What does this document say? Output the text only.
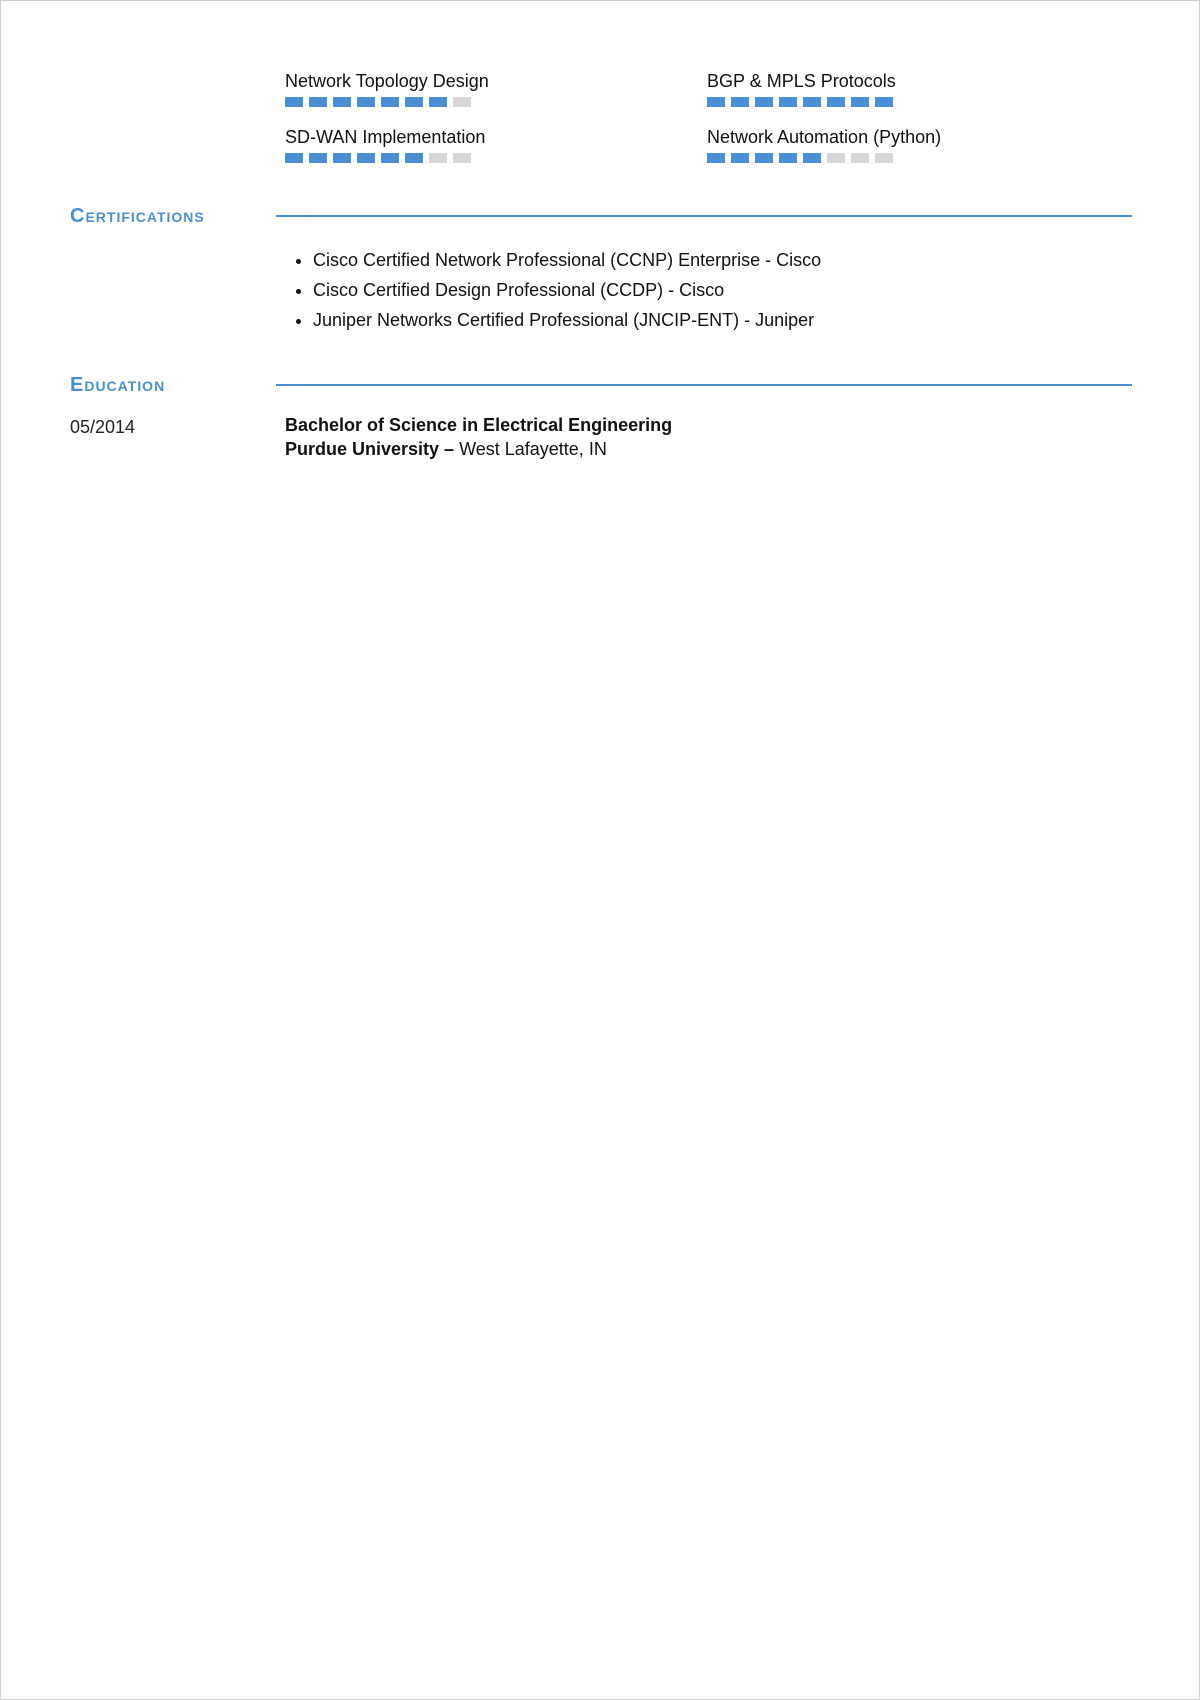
Network Topology Design	BGP & MPLS Protocols
SD-WAN Implementation	Network Automation (Python)
Certifications
• Cisco Certified Network Professional (CCNP) Enterprise - Cisco
• Cisco Certified Design Professional (CCDP) - Cisco
• Juniper Networks Certified Professional (JNCIP-ENT) - Juniper
Education
05/2014	Bachelor of Science in Electrical Engineering
Purdue University – West Lafayette, IN
